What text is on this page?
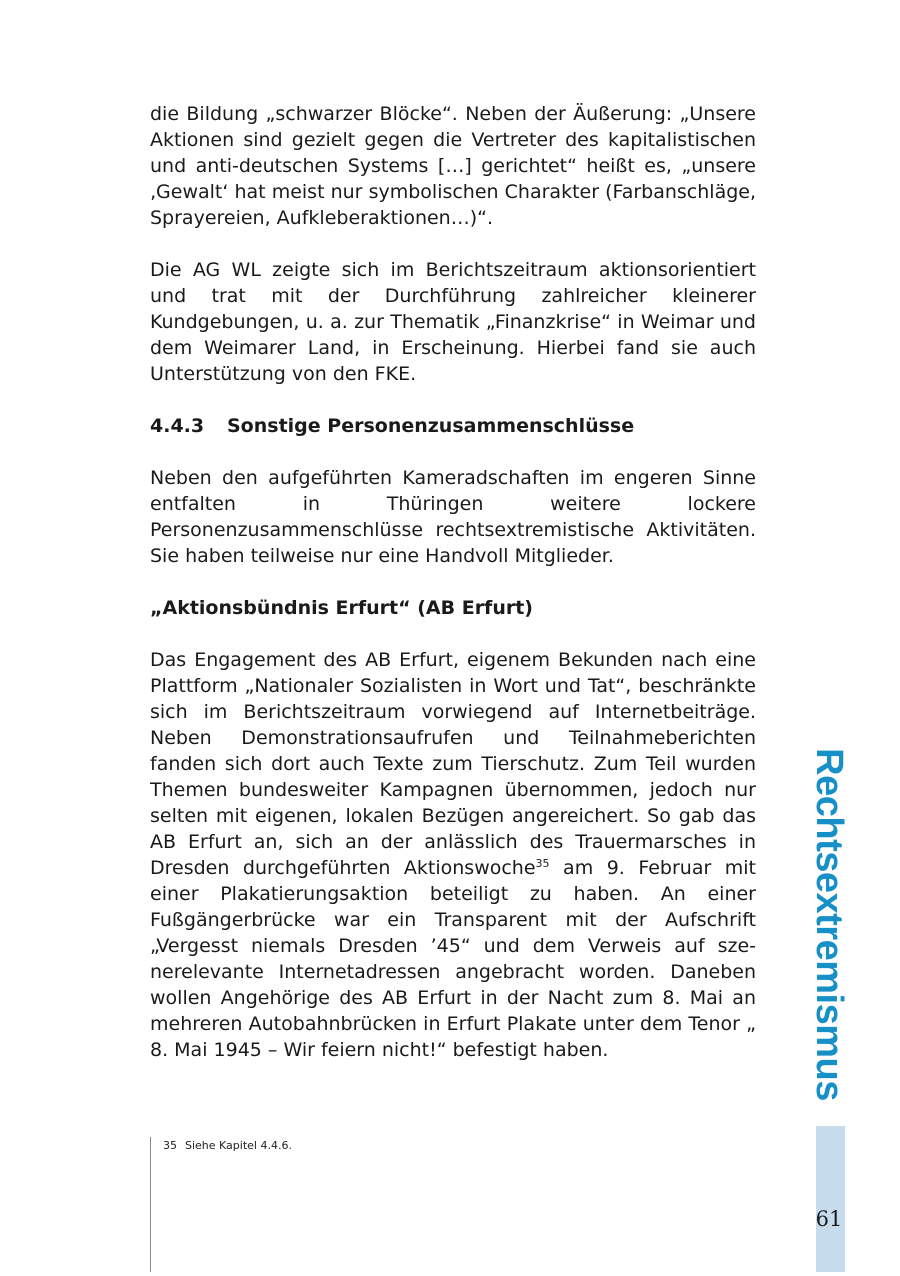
die Bildung „schwarzer Blöcke“. Neben der Äußerung: „Unsere Aktionen sind gezielt gegen die Vertreter des kapitalistischen und anti-deutschen Systems […] gerichtet“ heißt es, „unsere ‚Gewalt‘ hat meist nur symbolischen Charakter (Farbanschläge, Sprayereien, Aufkleberaktionen…)“.

Die AG WL zeigte sich im Berichtszeitraum aktionsorientiert und trat mit der Durchführung zahlreicher kleinerer Kundgebungen, u. a. zur Thematik „Finanzkrise“ in Weimar und dem Weimarer Land, in Erscheinung. Hierbei fand sie auch Unterstützung von den FKE.

4.4.3 Sonstige Personenzusammenschlüsse

Neben den aufgeführten Kameradschaften im engeren Sinne entfalten in Thüringen weitere lockere Personenzusammenschlüsse rechtsextremistische Aktivitäten. Sie haben teilweise nur eine Handvoll Mitglieder.

„Aktionsbündnis Erfurt“ (AB Erfurt)

Das Engagement des AB Erfurt, eigenem Bekunden nach eine Plattform „Nationaler Sozialisten in Wort und Tat“, beschränkte sich im Berichtszeitraum vorwiegend auf Internetbeiträge. Neben Demonstrationsaufrufen und Teilnahmeberichten fanden sich dort auch Texte zum Tierschutz. Zum Teil wurden Themen bundesweiter Kampagnen übernommen, jedoch nur selten mit eigenen, lokalen Bezügen angereichert. So gab das AB Erfurt an, sich an der anlässlich des Trauermarsches in Dresden durchgeführten Aktionswoche$^{35}$ am 9. Februar mit einer Plakatierungsaktion beteiligt zu haben. An einer Fußgängerbrücke war ein Transparent mit der Aufschrift „Vergesst niemals Dresden ’45“ und dem Verweis auf szenerelevante Internetadressen angebracht worden. Daneben wollen Angehörige des AB Erfurt in der Nacht zum 8. Mai an mehreren Autobahnbrücken in Erfurt Plakate unter dem Tenor „ 8. Mai 1945 – Wir feiern nicht!“ befestigt haben.

35 Siehe Kapitel 4.4.6.
Rechtsextremismus
61
